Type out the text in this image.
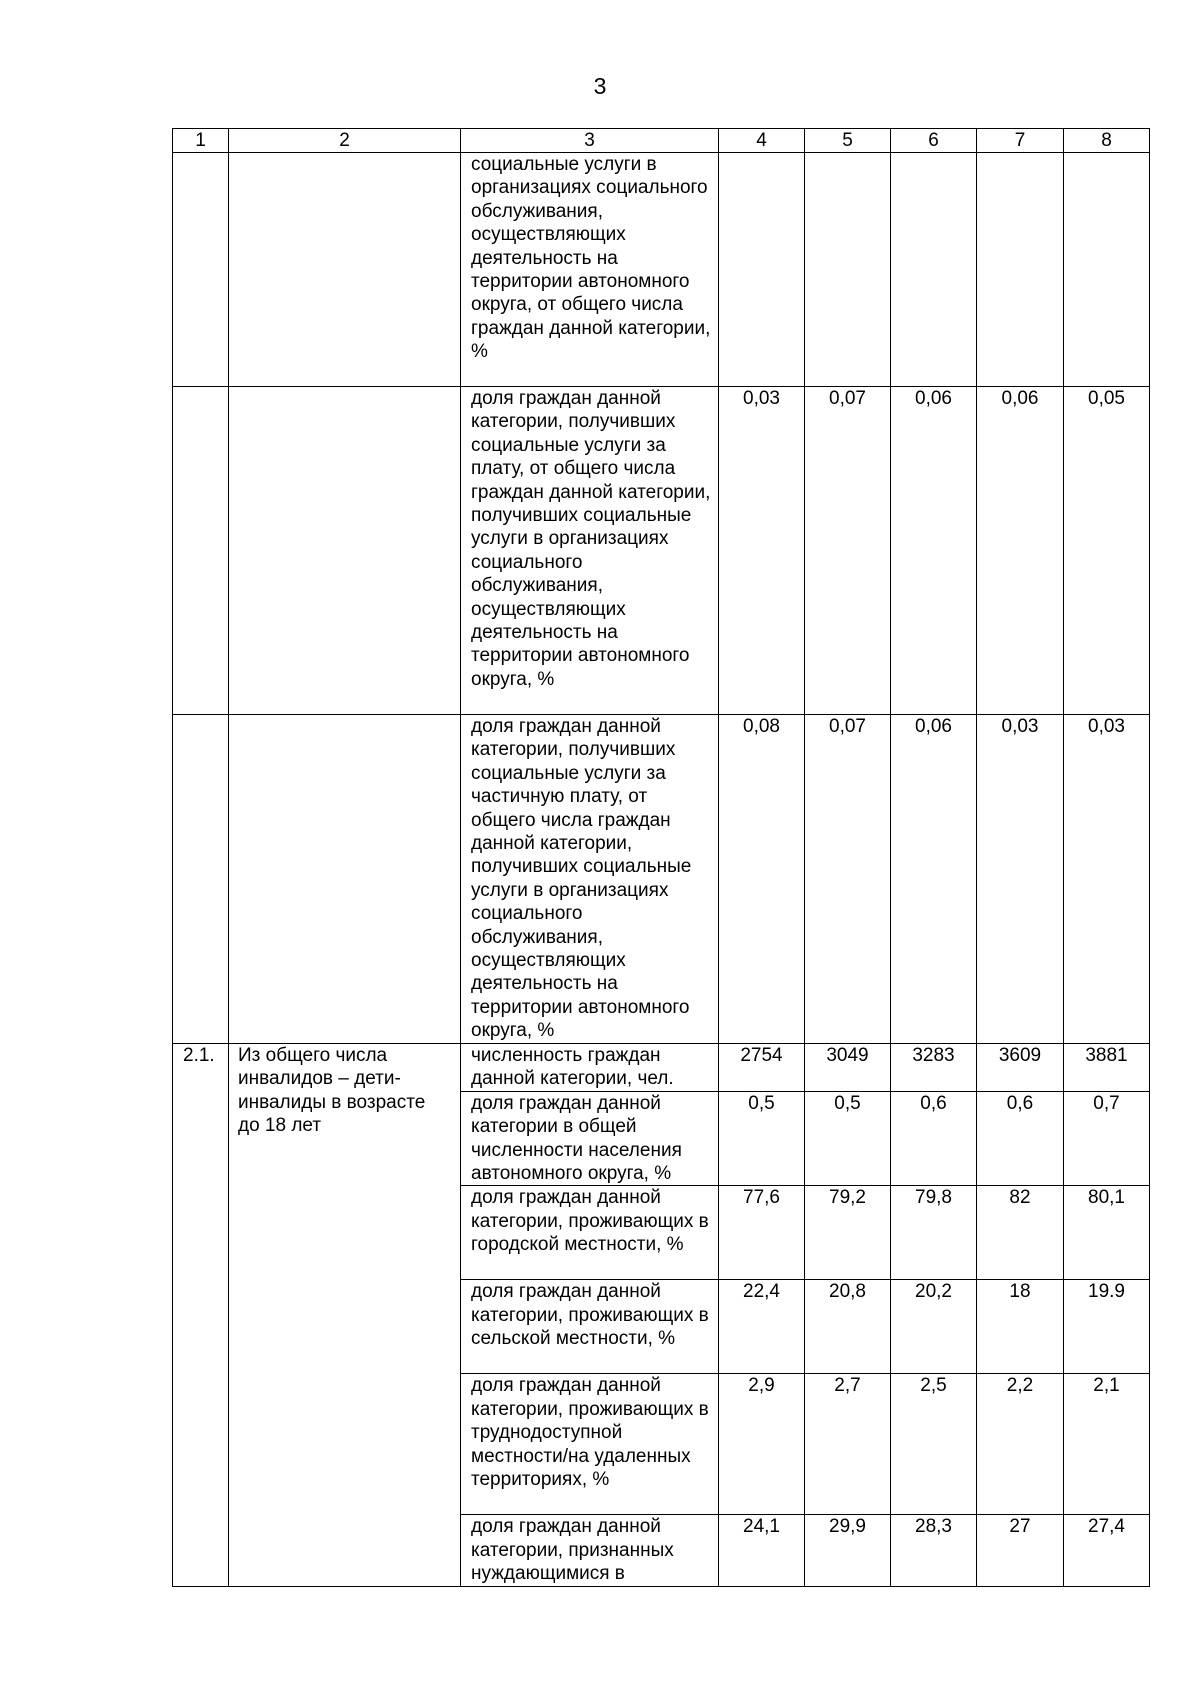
3
1	2	3	4	5	6	7	8
		социальные услуги в организациях социального обслуживания, осуществляющих деятельность на территории автономного округа, от общего числа граждан данной категории, %					
		доля граждан данной категории, получивших социальные услуги за плату, от общего числа граждан данной категории, получивших социальные услуги в организациях социального обслуживания, осуществляющих деятельность на территории автономного округа, %	0,03	0,07	0,06	0,06	0,05
		доля граждан данной категории, получивших социальные услуги за частичную плату, от общего числа граждан данной категории, получивших социальные услуги в организациях социального обслуживания, осуществляющих деятельность на территории автономного округа, %	0,08	0,07	0,06	0,03	0,03
2.1.	Из общего числа инвалидов – дети-инвалиды в возрасте до 18 лет	численность граждан данной категории, чел.	2754	3049	3283	3609	3881
		доля граждан данной категории в общей численности населения автономного округа, %	0,5	0,5	0,6	0,6	0,7
		доля граждан данной категории, проживающих в городской местности, %	77,6	79,2	79,8	82	80,1
		доля граждан данной категории, проживающих в сельской местности, %	22,4	20,8	20,2	18	19.9
		доля граждан данной категории, проживающих в труднодоступной местности/на удаленных территориях, %	2,9	2,7	2,5	2,2	2,1
		доля граждан данной категории, признанных нуждающимися в	24,1	29,9	28,3	27	27,4
